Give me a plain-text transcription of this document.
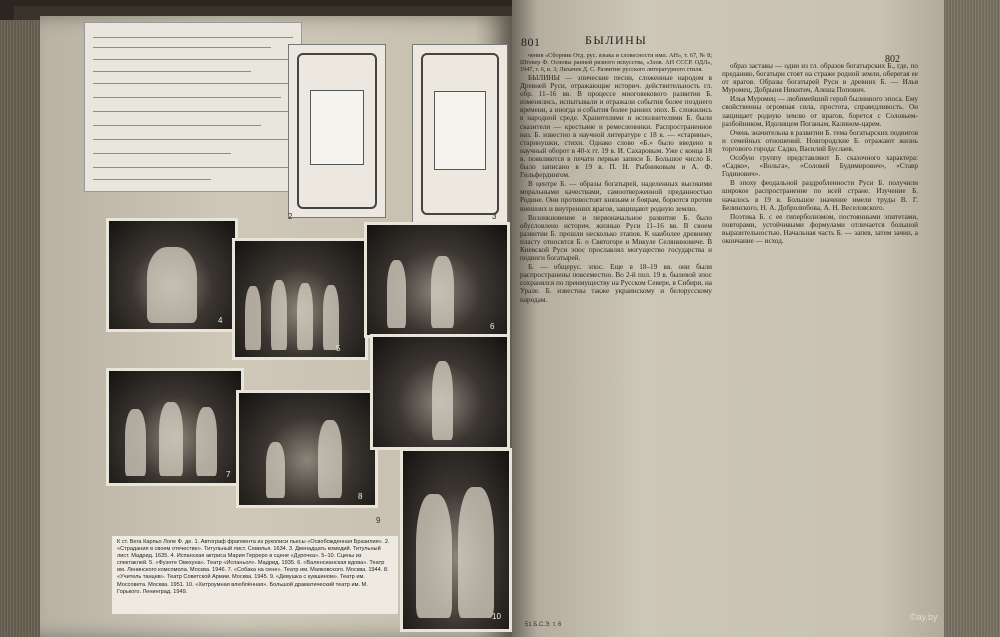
2	3
4
5
6
7
8
10
9
К ст. Вега Карпьо Лопе Ф. де. 1. Автограф фрагмента из рукописи пьесы «Освобожденная Бразилия». 2. «Страдания в своем отечестве». Титульный лист. Севилья. 1634. 3. Двенадцать комедий. Титульный лист. Мадрид. 1635. 4. Испанская актриса Мария Герреро в сцене «Дурочка». 5–10. Сцены из спектаклей. 5. «Фуэнте Овехуна». Театр «Испаньол». Мадрид. 1935. 6. «Валенсианская вдова». Театр им. Ленинского комсомола. Москва. 1946. 7. «Собака на сене». Театр им. Маяковского. Москва. 1944. 8. «Учитель танцев». Театр Советской Армии. Москва. 1945. 9. «Девушка с кувшином». Театр им. Моссовета. Москва. 1951. 10. «Хитроумная влюблённая». Большой драматический театр им. М. Горького. Ленинград. 1949.
801	БЫЛИНЫ
802

чения «Сборник Отд. рус. языка и словесности имп. АН», т. 67, № 8; Штекер Ф. Основы ранней ризного искусства, «Злов. АН СССР. ОДЛ», 1947, т. 6, в. 3; Лихачев Д. С. Развитие русского литературного стиля.

БЫЛИНЫ — эпические песни, сложенные народом в Древней Руси, отражающие историч. действительность гл. обр. 11–16 вв. В процессе многовекового развития Б. изменялись, испытывали и отражали события более позднего времени, а иногда и события более ранних эпох. Б. сложились в народной среде. Хранителями и исполнителями Б. были сказители — крестьяне и ремесленники. Распространенное наз. Б. известно в научной литературе с 18 в. — «старины», старинушки, стихи. Однако слово «Б.» было введено в научный оборот в 40-х гг. 19 в. И. Сахаровым. Уже с конца 18 в. появляются в печати первые записи Б. Большое число Б. было записано в 19 в. П. Н. Рыбниковым и А. Ф. Гильфердингом.

В центре Б. — образы богатырей, наделенных высокими моральными качествами, самоотверженной преданностью Родине. Они противостоят князьям и боярам, борются против внешних и внутренних врагов, защищают родную землю.

Возникновение и первоначальное развитие Б. было обусловлено историч. жизнью Руси 11–16 вв. В своем развитии Б. прошли несколько этапов. К наиболее древнему пласту относятся Б. о Святогоре и Микуле Селяниновиче. В Киевской Руси эпос прославлял могущество государства и подвиги богатырей.

Б. — общерус. эпос. Еще в 18–19 вв. они были распространены повсеместно. Во 2-й пол. 19 в. былевой эпос сохранялся по преимуществу на Русском Севере, в Сибири, на Урале. Б. известны также украинскому и белорусскому народам.

образ заставы — одни из гл. образов богатырских Б., где, по преданию, богатыри стоят на страже родной земли, оберегая ее от врагов. Образы богатырей Руси в древних Б. — Илья Муромец, Добрыня Никитич, Алеша Попович.

Илья Муромец — любимейший герой былинного эпоса. Ему свойственны огромная сила, простота, справедливость. Он защищает родную землю от врагов, борется с Соловьем-разбойником, Идолищем Поганым, Калином-царем.

Очень значительна в развитии Б. тема богатырских подвигов и семейных отношений. Новгородские Б. отражают жизнь торгового города: Садко, Василий Буслаев.

Особую группу представляют Б. сказочного характера: «Садко», «Вольга», «Соловей Будимирович», «Ставр Годинович».

В эпоху феодальной раздробленности Руси Б. получили широкое распространение по всей стране. Изучение Б. началось в 19 в. Большое значение имели труды В. Г. Белинского, Н. А. Добролюбова, А. Н. Веселовского.

Поэтика Б. с ее гиперболизмом, постоянными эпитетами, повторами, устойчивыми формулами отличается большой выразительностью. Начальная часть Б. — запев, затем зачин, а окончание — исход.

51 Б.С.Э. т. 6
©ay.by
